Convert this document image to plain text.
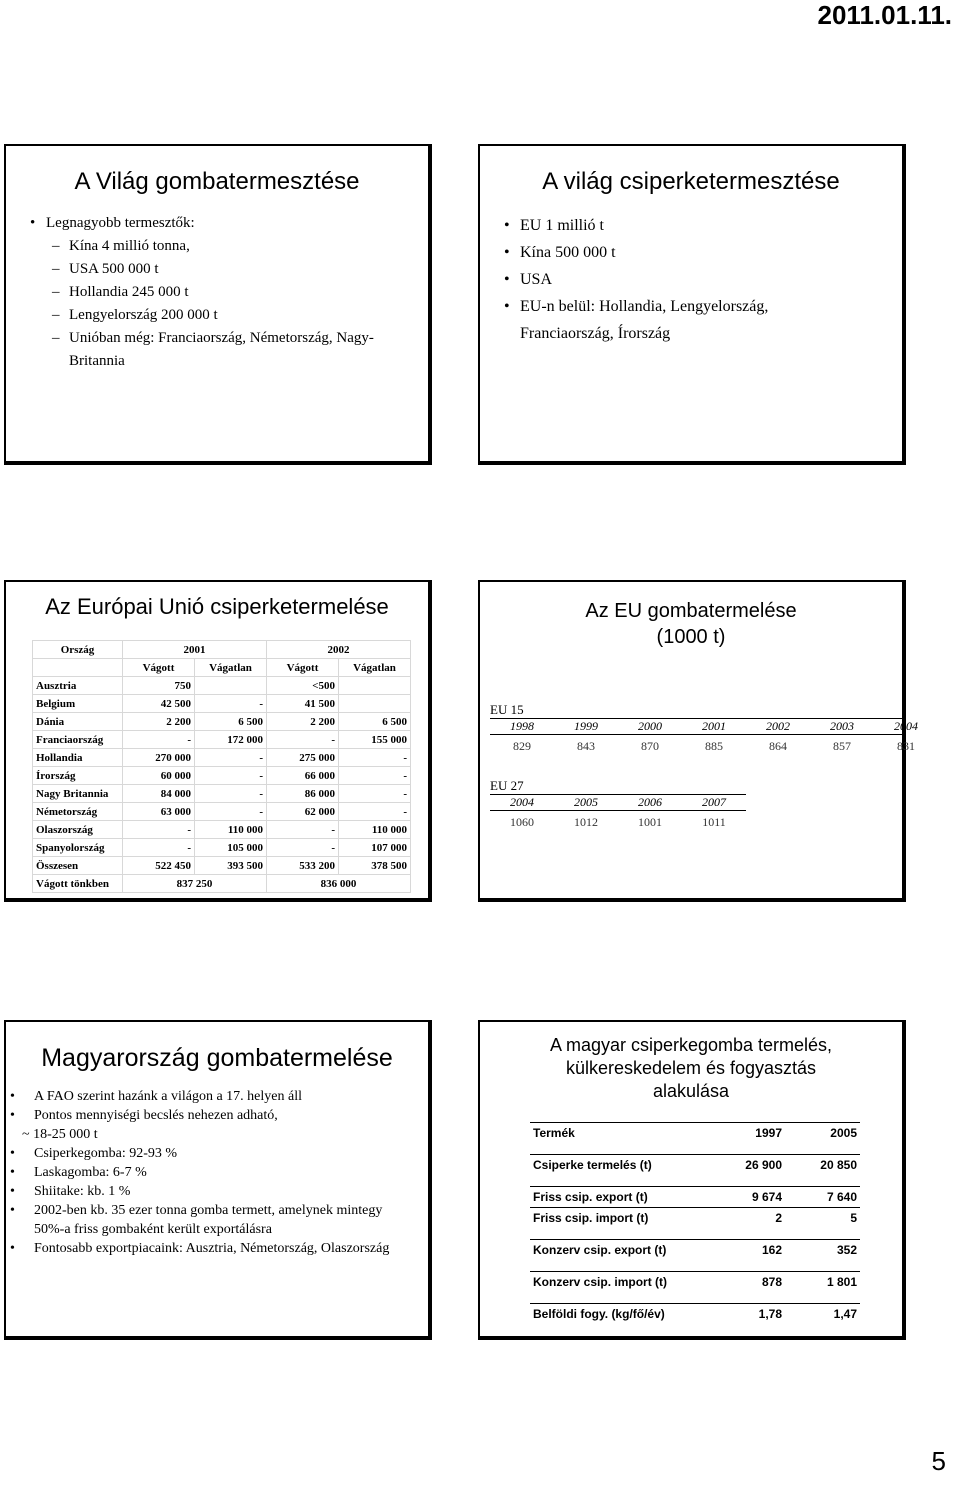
2011.01.11.
A Világ gombatermesztése
• Legnagyobb termesztők:
– Kína 4 millió tonna,
– USA 500 000 t
– Hollandia 245 000 t
– Lengyelország 200 000 t
– Unióban még: Franciaország, Németország, Nagy-Britannia
A világ csiperketermesztése
• EU 1 millió t
• Kína 500 000 t
• USA
• EU-n belül: Hollandia, Lengyelország, Franciaország, Írország
Az Európai Unió csiperketermelése
Ország	2001		2002	
	Vágott	Vágatlan	Vágott	Vágatlan
Ausztria	750		<500	
Belgium	42 500	-	41 500	
Dánia	2 200	6 500	2 200	6 500
Franciaország	-	172 000	-	155 000
Hollandia	270 000	-	275 000	-
Írország	60 000	-	66 000	-
Nagy Britannia	84 000	-	86 000	-
Németország	63 000	-	62 000	-
Olaszország	-	110 000	-	110 000
Spanyolország	-	105 000	-	107 000
Összesen	522 450	393 500	533 200	378 500
Vágott tönkben	837 250		836 000	
Az EU gombatermelése
(1000 t)
EU 15
1998	1999	2000	2001	2002	2003	2004
829	843	870	885	864	857	831
EU 27
2004	2005	2006	2007
1060	1012	1001	1011
Magyarország gombatermelése
• A FAO szerint hazánk a világon a 17. helyen áll
• Pontos mennyiségi becslés nehezen adható,
~ 18-25 000 t
• Csiperkegomba: 92-93 %
• Laskagomba: 6-7 %
• Shiitake: kb. 1 %
• 2002-ben kb. 35 ezer tonna gomba termett, amelynek mintegy 50%-a friss gombaként került exportálásra
• Fontosabb exportpiacaink: Ausztria, Németország, Olaszország
A magyar csiperkegomba termelés,
külkereskedelem és fogyasztás
alakulása
Termék	1997	2005

Csiperke termelés (t)	26 900	20 850

Friss csip. export (t)	9 674	7 640
Friss csip. import (t)	2	5

Konzerv csip. export (t)	162	352

Konzerv csip. import (t)	878	1 801

Belföldi fogy. (kg/fő/év)	1,78	1,47
5
